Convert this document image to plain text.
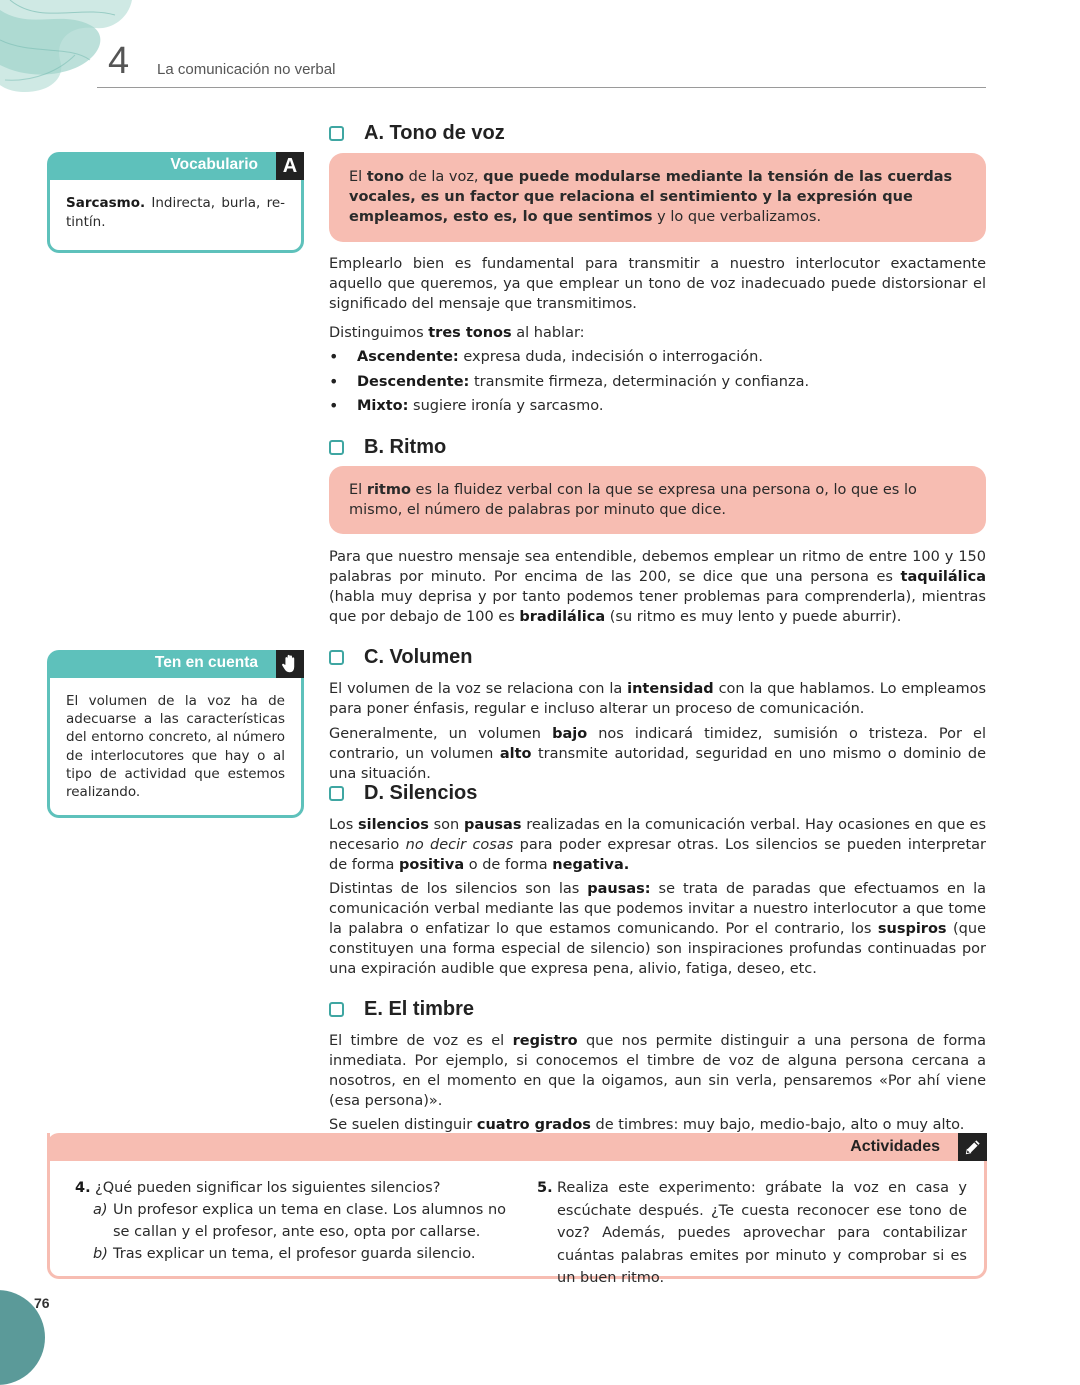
4 La comunicación no verbal
Vocabulario	A

Sarcasmo. Indirecta, burla, re-

tintín.

Ten en cuenta

El volumen de la voz ha de

adecuarse a las características

del entorno concreto, al número

de interlocutores que hay o al

tipo de actividad que estemos

realizando.

A. Tono de voz
El tono de la voz, que puede modularse mediante la tensión de las cuerdas vocales, es un factor que relaciona el sentimiento y la expresión que empleamos, esto es, lo que sentimos y lo que verbalizamos.

Emplearlo bien es fundamental para transmitir a nuestro interlocutor exactamente aquello que queremos, ya que emplear un tono de voz inadecuado puede distorsionar el significado del mensaje que transmitimos.

Distinguimos tres tonos al hablar:

• Ascendente: expresa duda, indecisión o interrogación.
• Descendente: transmite firmeza, determinación y confianza.
• Mixto: sugiere ironía y sarcasmo.
B. Ritmo
El ritmo es la fluidez verbal con la que se expresa una persona o, lo que es lo mismo, el número de palabras por minuto que dice.

Para que nuestro mensaje sea entendible, debemos emplear un ritmo de entre 100 y 150 palabras por minuto. Por encima de las 200, se dice que una persona es taquilálica (habla muy deprisa y por tanto podemos tener problemas para comprenderla), mientras que por debajo de 100 es bradilálica (su ritmo es muy lento y puede aburrir).

C. Volumen

El volumen de la voz se relaciona con la intensidad con la que hablamos. Lo empleamos para poner énfasis, regular e incluso alterar un proceso de comunicación.

Generalmente, un volumen bajo nos indicará timidez, sumisión o tristeza. Por el contrario, un volumen alto transmite autoridad, seguridad en uno mismo o dominio de una situación.

D. Silencios

Los silencios son pausas realizadas en la comunicación verbal. Hay ocasiones en que es necesario no decir cosas para poder expresar otras. Los silencios se pueden interpretar de forma positiva o de forma negativa.

Distintas de los silencios son las pausas: se trata de paradas que efectuamos en la comunicación verbal mediante las que podemos invitar a nuestro interlocutor a que tome la palabra o enfatizar lo que estamos comunicando. Por el contrario, los suspiros (que constituyen una forma especial de silencio) son inspiraciones profundas continuadas por una expiración audible que expresa pena, alivio, fatiga, deseo, etc.

E. El timbre

El timbre de voz es el registro que nos permite distinguir a una persona de forma inmediata. Por ejemplo, si conocemos el timbre de voz de alguna persona cercana a nosotros, en el momento en que la oigamos, aun sin verla, pensaremos «Por ahí viene (esa persona)».

Se suelen distinguir cuatro grados de timbres: muy bajo, medio-bajo, alto o muy alto.

Actividades
4. ¿Qué pueden significar los siguientes silencios?
a) Un profesor explica un tema en clase. Los alumnos no se callan y el profesor, ante eso, opta por callarse.
b) Tras explicar un tema, el profesor guarda silencio.
5. Realiza este experimento: grábate la voz en casa y escúchate después. ¿Te cuesta reconocer ese tono de voz? Además, puedes aprovechar para contabilizar cuántas palabras emites por minuto y comprobar si es un buen ritmo.
76
